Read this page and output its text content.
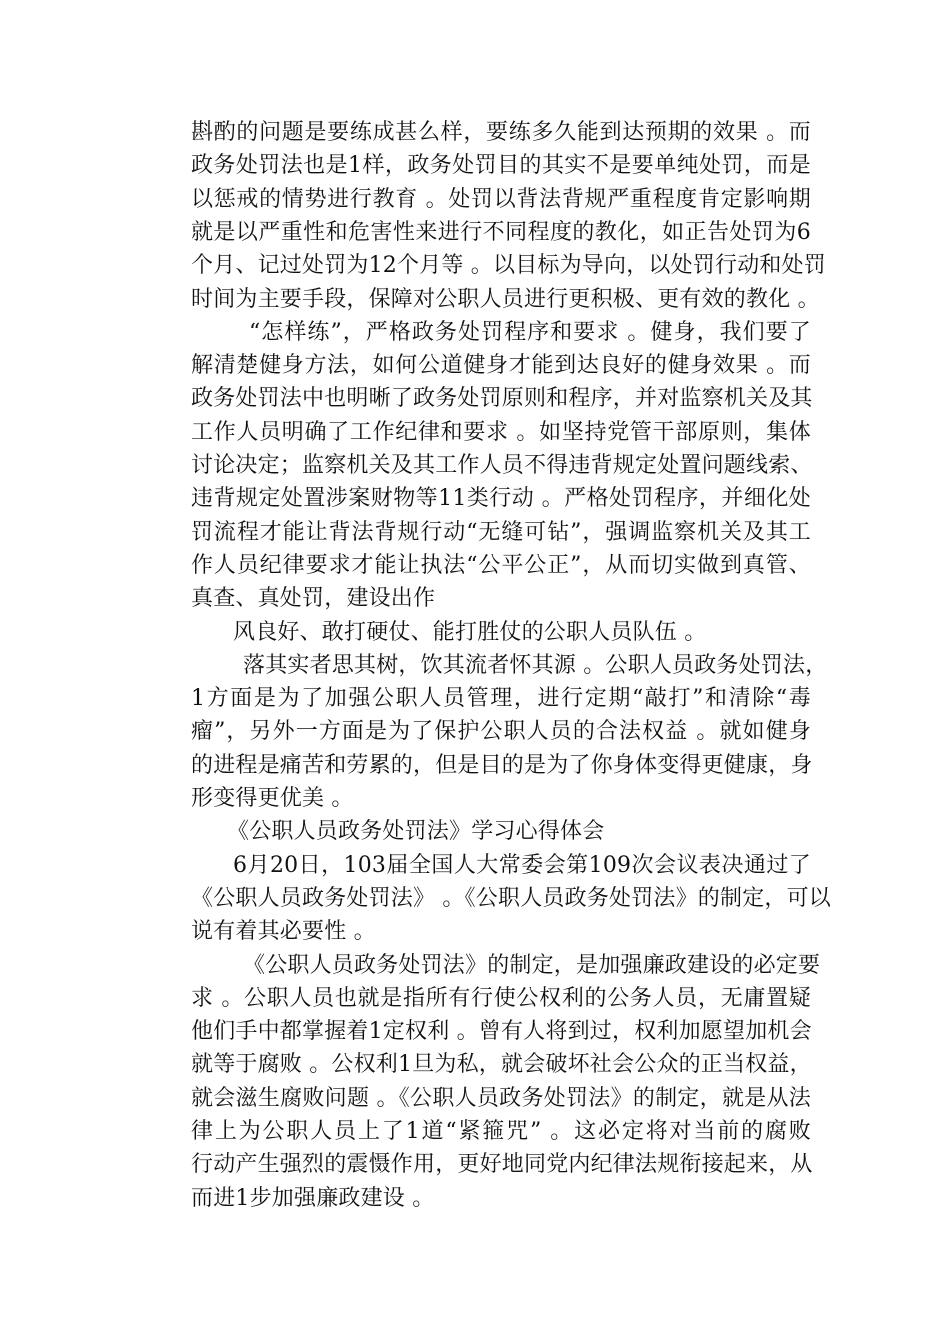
斟酌的问题是要练成甚么样，要练多久能到达预期的效果 。而
政务处罚法也是1样，政务处罚目的其实不是要单纯处罚，而是
以惩戒的情势进行教育 。处罚以背法背规严重程度肯定影响期
就是以严重性和危害性来进行不同程度的教化，如正告处罚为6
个月、记过处罚为12个月等 。以目标为导向，以处罚行动和处罚
时间为主要手段，保障对公职人员进行更积极、更有效的教化 。
“怎样练”，严格政务处罚程序和要求 。健身，我们要了
解清楚健身方法，如何公道健身才能到达良好的健身效果 。而
政务处罚法中也明晰了政务处罚原则和程序，并对监察机关及其
工作人员明确了工作纪律和要求 。如坚持党管干部原则，集体
讨论决定；监察机关及其工作人员不得违背规定处置问题线索、
违背规定处置涉案财物等11类行动 。严格处罚程序，并细化处
罚流程才能让背法背规行动“无缝可钻”，强调监察机关及其工
作人员纪律要求才能让执法“公平公正”，从而切实做到真管、
真查、真处罚，建设出作
风良好、敢打硬仗、能打胜仗的公职人员队伍 。
落其实者思其树，饮其流者怀其源 。公职人员政务处罚法，
1方面是为了加强公职人员管理，进行定期“敲打”和清除“毒
瘤”，另外一方面是为了保护公职人员的合法权益 。就如健身
的进程是痛苦和劳累的，但是目的是为了你身体变得更健康，身
形变得更优美 。
《公职人员政务处罚法》学习心得体会
6月20日，103届全国人大常委会第109次会议表决通过了
《公职人员政务处罚法》 。《公职人员政务处罚法》的制定，可以
说有着其必要性 。
《公职人员政务处罚法》的制定，是加强廉政建设的必定要
求 。公职人员也就是指所有行使公权利的公务人员，无庸置疑
他们手中都掌握着1定权利 。曾有人将到过，权利加愿望加机会
就等于腐败 。公权利1旦为私，就会破坏社会公众的正当权益，
就会滋生腐败问题 。《公职人员政务处罚法》的制定，就是从法
律上为公职人员上了1道“紧箍咒” 。这必定将对当前的腐败
行动产生强烈的震慑作用，更好地同党内纪律法规衔接起来，从
而进1步加强廉政建设 。
